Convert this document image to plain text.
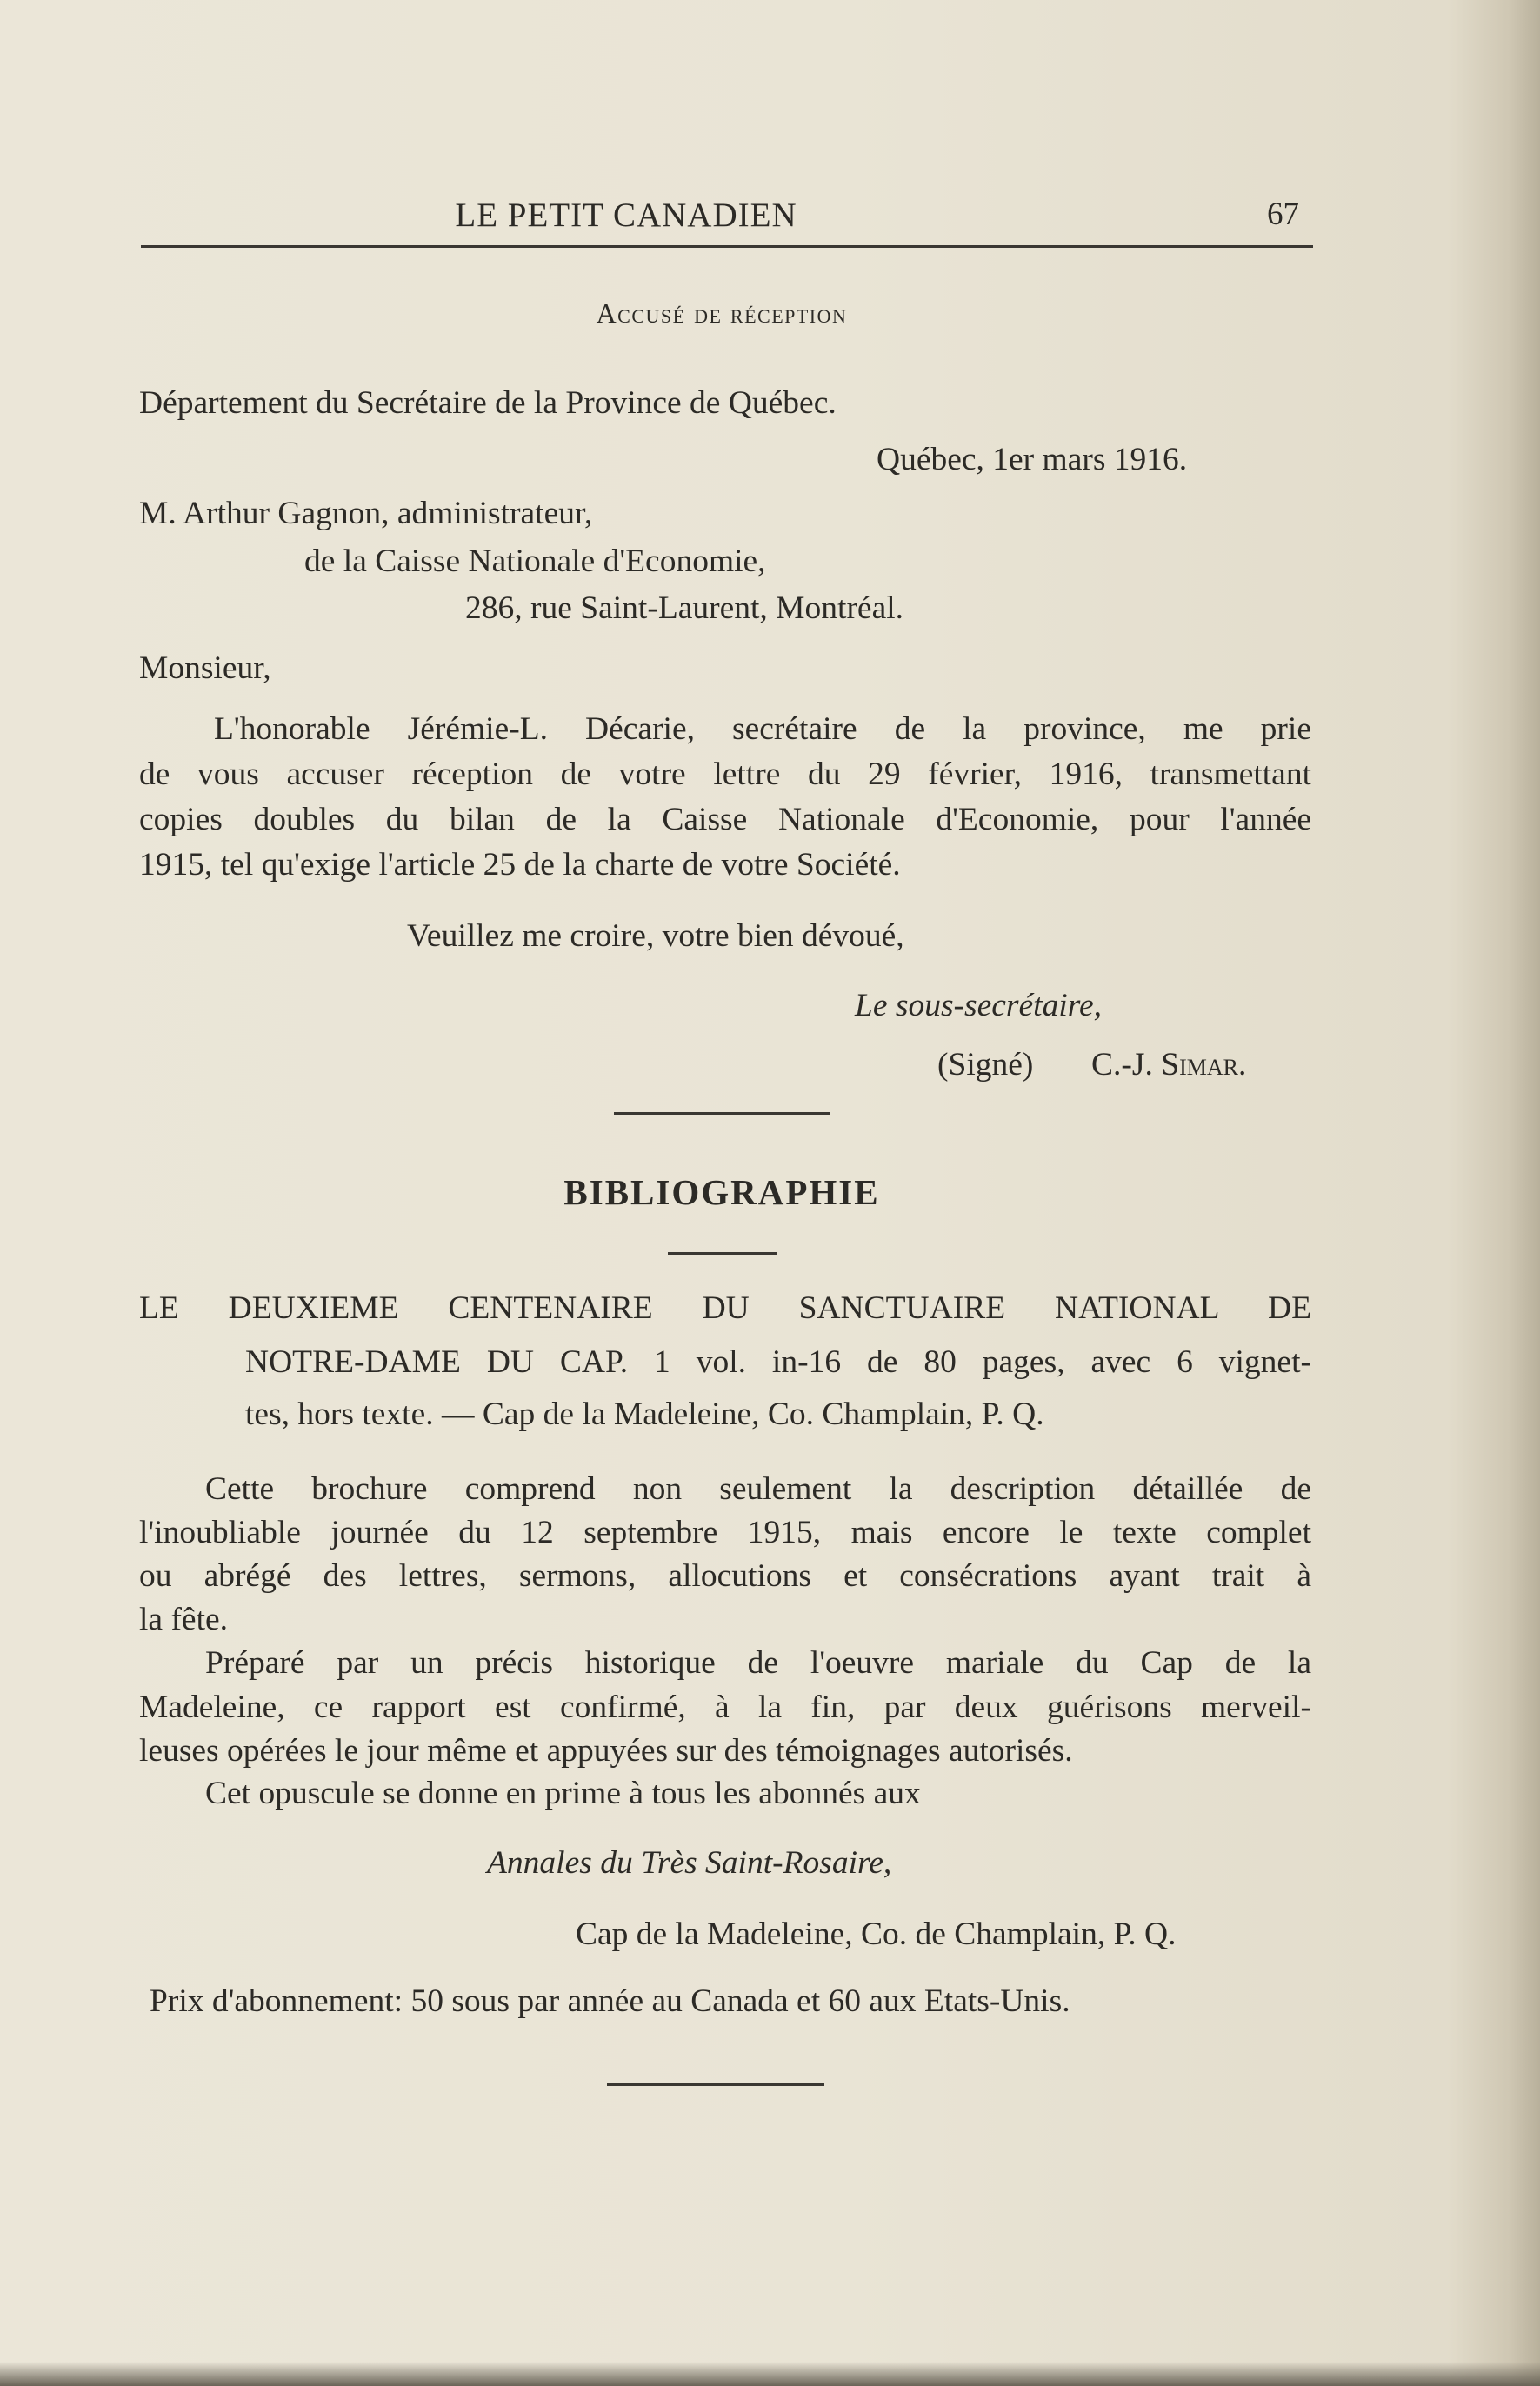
LE PETIT CANADIEN	67
Accusé de réception
Département du Secrétaire de la Province de Québec.
Québec, 1er mars 1916.
M. Arthur Gagnon, administrateur,
de la Caisse Nationale d'Economie,
286, rue Saint-Laurent, Montréal.
Monsieur,
L'honorable Jérémie-L. Décarie, secrétaire de la province, me prie
de vous accuser réception de votre lettre du 29 février, 1916, transmettant
copies doubles du bilan de la Caisse Nationale d'Economie, pour l'année
1915, tel qu'exige l'article 25 de la charte de votre Société.
Veuillez me croire, votre bien dévoué,
Le sous-secrétaire,
(Signé) C.-J. Simar.
BIBLIOGRAPHIE
LE DEUXIEME CENTENAIRE DU SANCTUAIRE NATIONAL DE
NOTRE-DAME DU CAP. 1 vol. in-16 de 80 pages, avec 6 vignet-
tes, hors texte. — Cap de la Madeleine, Co. Champlain, P. Q.
Cette brochure comprend non seulement la description détaillée de
l'inoubliable journée du 12 septembre 1915, mais encore le texte complet
ou abrégé des lettres, sermons, allocutions et consécrations ayant trait à
la fête.
Préparé par un précis historique de l'oeuvre mariale du Cap de la
Madeleine, ce rapport est confirmé, à la fin, par deux guérisons merveil-
leuses opérées le jour même et appuyées sur des témoignages autorisés.
Cet opuscule se donne en prime à tous les abonnés aux
Annales du Très Saint-Rosaire,
Cap de la Madeleine, Co. de Champlain, P. Q.
Prix d'abonnement: 50 sous par année au Canada et 60 aux Etats-Unis.
